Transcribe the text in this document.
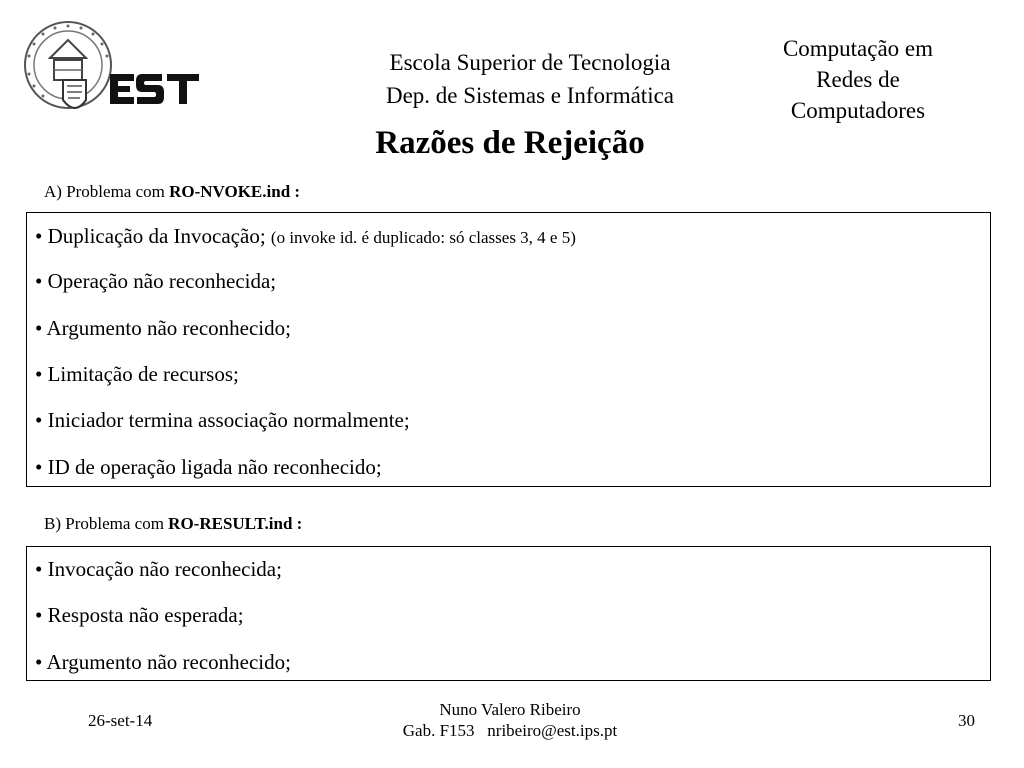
Escola Superior de Tecnologia
Dep. de Sistemas e Informática
Computação em
Redes de
Computadores
Razões de Rejeição
A) Problema com RO-NVOKE.ind :
• Duplicação da Invocação; (o invoke id. é duplicado: só classes 3, 4 e 5)
• Operação não reconhecida;
• Argumento não reconhecido;
• Limitação de recursos;
• Iniciador termina associação normalmente;
• ID de operação ligada não reconhecido;
B) Problema com RO-RESULT.ind :
• Invocação não reconhecida;
• Resposta não esperada;
• Argumento não reconhecido;
26-set-14
Nuno Valero Ribeiro
Gab. F153   nribeiro@est.ips.pt
30
